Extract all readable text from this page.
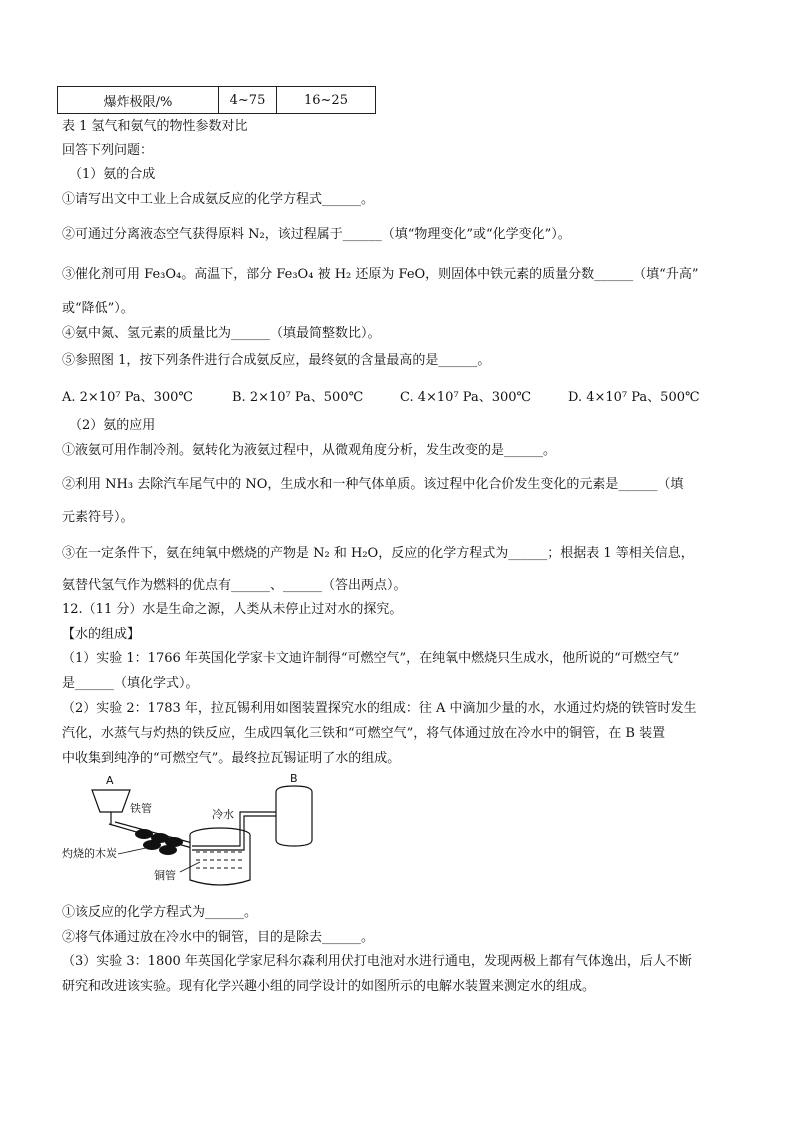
爆炸极限/%	4~75	16~25
表 1 氢气和氨气的物性参数对比
回答下列问题：
（1）氨的合成
①请写出文中工业上合成氨反应的化学方程式______。
②可通过分离液态空气获得原料 N₂，该过程属于______（填“物理变化”或“化学变化”）。
③催化剂可用 Fe₃O₄。高温下，部分 Fe₃O₄ 被 H₂ 还原为 FeO，则固体中铁元素的质量分数______（填“升高”
或“降低”）。
④氨中氮、氢元素的质量比为______（填最简整数比）。
⑤参照图 1，按下列条件进行合成氨反应，最终氨的含量最高的是______。
A. 2×10⁷ Pa、300℃	B. 2×10⁷ Pa、500℃	C. 4×10⁷ Pa、300℃	D. 4×10⁷ Pa、500℃
（2）氨的应用
①液氨可用作制冷剂。氨转化为液氨过程中，从微观角度分析，发生改变的是______。
②利用 NH₃ 去除汽车尾气中的 NO，生成水和一种气体单质。该过程中化合价发生变化的元素是______（填
元素符号）。
③在一定条件下，氨在纯氧中燃烧的产物是 N₂ 和 H₂O，反应的化学方程式为______；根据表 1 等相关信息，
氨替代氢气作为燃料的优点有______、______（答出两点）。
12.（11 分）水是生命之源，人类从未停止过对水的探究。
【水的组成】
（1）实验 1：1766 年英国化学家卡文迪许制得“可燃空气”，在纯氧中燃烧只生成水，他所说的“可燃空气”
是______（填化学式）。
（2）实验 2：1783 年，拉瓦锡利用如图装置探究水的组成：往 A 中滴加少量的水，水通过灼烧的铁管时发生
汽化，水蒸气与灼热的铁反应，生成四氧化三铁和“可燃空气”，将气体通过放在冷水中的铜管，在 B 装置
中收集到纯净的“可燃空气”。最终拉瓦锡证明了水的组成。
A
铁管
灼烧的木炭
冷水
铜管
B
①该反应的化学方程式为______。
②将气体通过放在冷水中的铜管，目的是除去______。
（3）实验 3：1800 年英国化学家尼科尔森利用伏打电池对水进行通电，发现两极上都有气体逸出，后人不断
研究和改进该实验。现有化学兴趣小组的同学设计的如图所示的电解水装置来测定水的组成。
